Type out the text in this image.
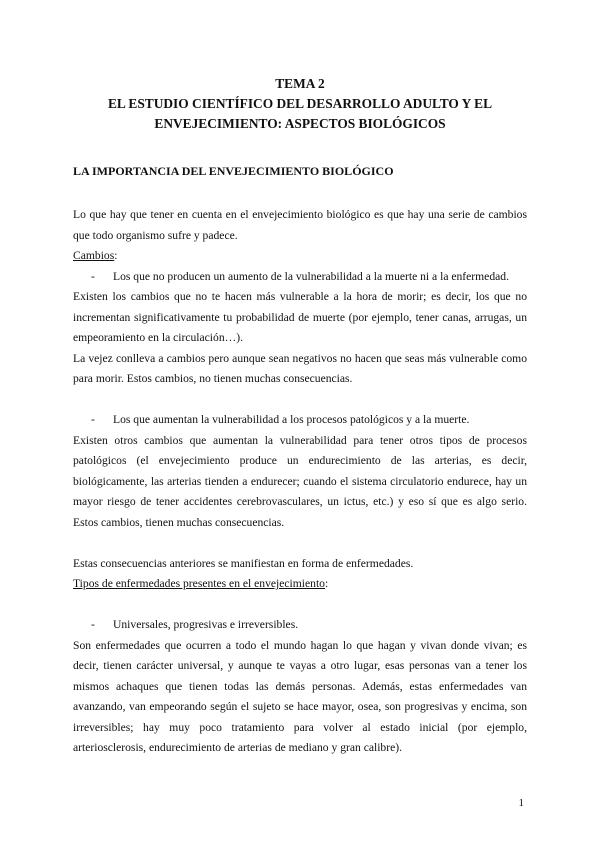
TEMA 2
EL ESTUDIO CIENTÍFICO DEL DESARROLLO ADULTO Y EL
ENVEJECIMIENTO: ASPECTOS BIOLÓGICOS
LA IMPORTANCIA DEL ENVEJECIMIENTO BIOLÓGICO

Lo que hay que tener en cuenta en el envejecimiento biológico es que hay una serie de cambios que todo organismo sufre y padece.

Cambios:

-	Los que no producen un aumento de la vulnerabilidad a la muerte ni a la enfermedad.

Existen los cambios que no te hacen más vulnerable a la hora de morir; es decir, los que no incrementan significativamente tu probabilidad de muerte (por ejemplo, tener canas, arrugas, un empeoramiento en la circulación…).

La vejez conlleva a cambios pero aunque sean negativos no hacen que seas más vulnerable como para morir. Estos cambios, no tienen muchas consecuencias.

-	Los que aumentan la vulnerabilidad a los procesos patológicos y a la muerte.

Existen otros cambios que aumentan la vulnerabilidad para tener otros tipos de procesos patológicos (el envejecimiento produce un endurecimiento de las arterias, es decir, biológicamente, las arterias tienden a endurecer; cuando el sistema circulatorio endurece, hay un mayor riesgo de tener accidentes cerebrovasculares, un ictus, etc.) y eso sí que es algo serio. Estos cambios, tienen muchas consecuencias.

Estas consecuencias anteriores se manifiestan en forma de enfermedades.

Tipos de enfermedades presentes en el envejecimiento:

-	Universales, progresivas e irreversibles.

Son enfermedades que ocurren a todo el mundo hagan lo que hagan y vivan donde vivan; es decir, tienen carácter universal, y aunque te vayas a otro lugar, esas personas van a tener los mismos achaques que tienen todas las demás personas. Además, estas enfermedades van avanzando, van empeorando según el sujeto se hace mayor, osea, son progresivas y encima, son irreversibles; hay muy poco tratamiento para volver al estado inicial (por ejemplo, arteriosclerosis, endurecimiento de arterias de mediano y gran calibre).

1
